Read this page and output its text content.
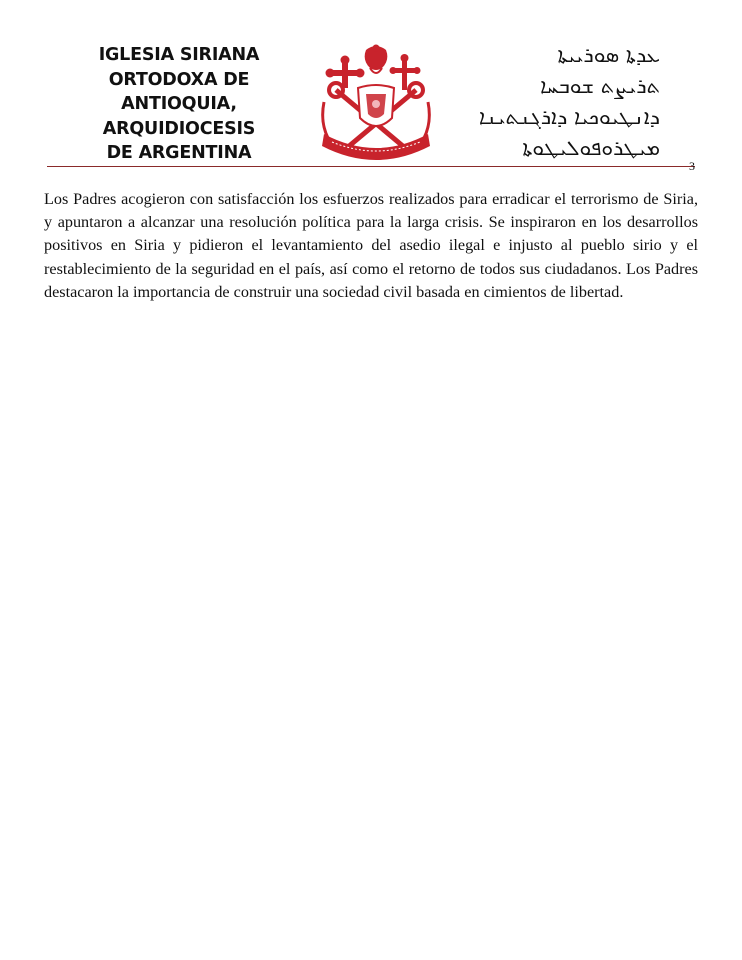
IGLESIA SIRIANA
ORTODOXA DE
ANTIOQUIA,
ARQUIDIOCESIS
DE ARGENTINA
ܥܕܬܐ ܣܘܪܝܝܬܐ
ܬܪܝܨܬ ܫܘܒܚܐ
ܕܐܢܛܝܘܟܝܐ ܕܐܪܓܢܬܝܢܐ
ܡܝܛܪܘܦܘܠܝܛܘܬܐ
3
Los Padres acogieron con satisfacción los esfuerzos realizados para erradicar el terrorismo de Siria, y apuntaron a alcanzar una resolución política para la larga crisis. Se inspiraron en los desarrollos positivos en Siria y pidieron el levantamiento del asedio ilegal e injusto al pueblo sirio y el restablecimiento de la seguridad en el país, así como el retorno de todos sus ciudadanos. Los Padres destacaron la importancia de construir una sociedad civil basada en cimientos de libertad.
